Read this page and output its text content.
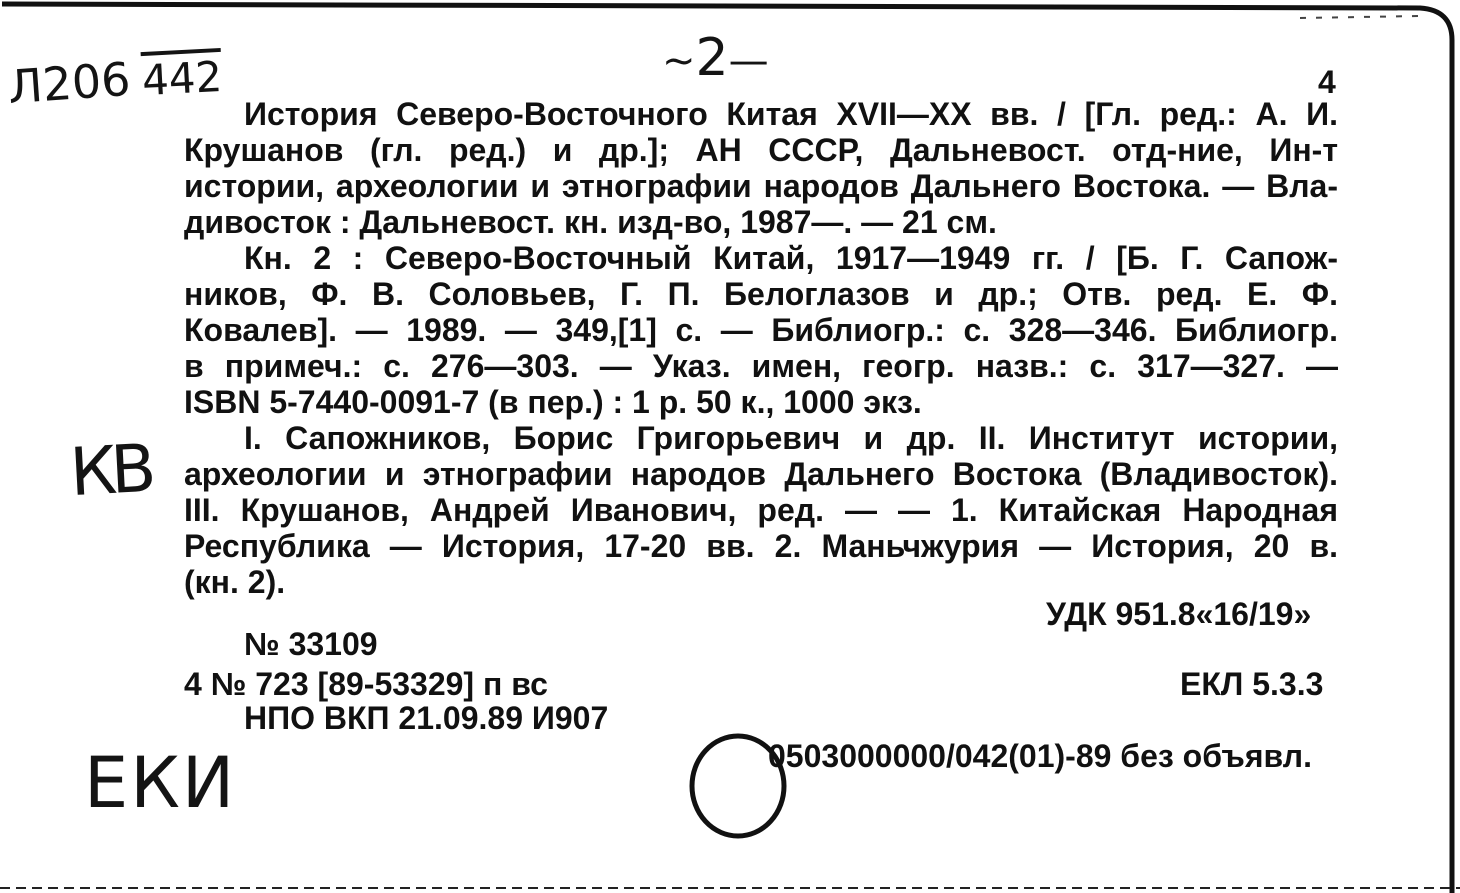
Л206 442	~2—
КВ
ЕКИ
4
История Северо-Восточного Китая XVII—XX вв. / [Гл. ред.: А. И.
Крушанов (гл. ред.) и др.]; АН СССР, Дальневост. отд-ние, Ин-т
истории, археологии и этнографии народов Дальнего Востока. — Вла-
дивосток : Дальневост. кн. изд-во, 1987—. — 21 см.
Кн. 2 : Северо-Восточный Китай, 1917—1949 гг. / [Б. Г. Сапож-
ников, Ф. В. Соловьев, Г. П. Белоглазов и др.; Отв. ред. Е. Ф.
Ковалев]. — 1989. — 349,[1] с. — Библиогр.: с. 328—346. Библиогр.
в примеч.: с. 276—303. — Указ. имен, геогр. назв.: с. 317—327. —
ISBN 5-7440-0091-7 (в пер.) : 1 р. 50 к., 1000 экз.
I. Сапожников, Борис Григорьевич и др. II. Институт истории,
археологии и этнографии народов Дальнего Востока (Владивосток).
III. Крушанов, Андрей Иванович, ред. — — 1. Китайская Народная
Республика — История, 17-20 вв. 2. Маньчжурия — История, 20 в.
(кн. 2).
УДК 951.8«16/19»
№ 33109
4 № 723 [89-53329] п вс	ЕКЛ 5.3.3
НПО ВКП 21.09.89 И907
0503000000/042(01)-89 без объявл.
